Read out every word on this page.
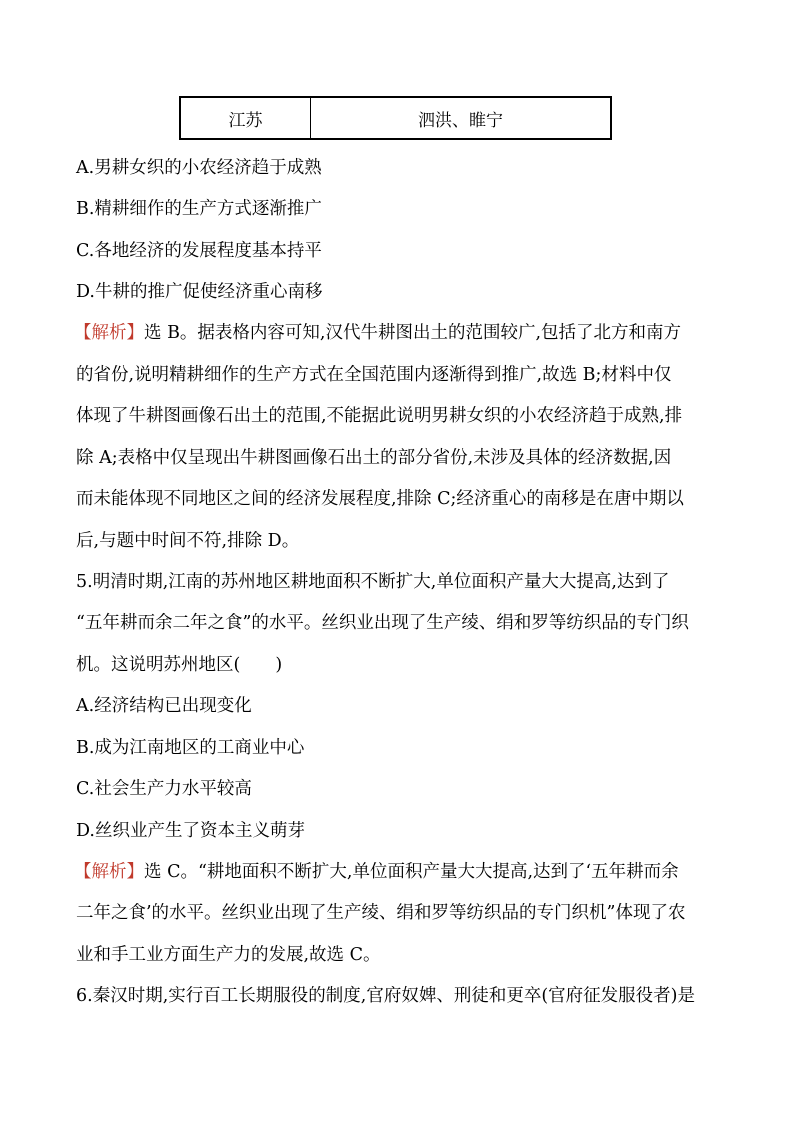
江苏	泗洪、睢宁
A.男耕女织的小农经济趋于成熟
B.精耕细作的生产方式逐渐推广
C.各地经济的发展程度基本持平
D.牛耕的推广促使经济重心南移
【解析】选 B。据表格内容可知,汉代牛耕图出土的范围较广,包括了北方和南方
的省份,说明精耕细作的生产方式在全国范围内逐渐得到推广,故选 B;材料中仅
体现了牛耕图画像石出土的范围,不能据此说明男耕女织的小农经济趋于成熟,排
除 A;表格中仅呈现出牛耕图画像石出土的部分省份,未涉及具体的经济数据,因
而未能体现不同地区之间的经济发展程度,排除 C;经济重心的南移是在唐中期以
后,与题中时间不符,排除 D。
5.明清时期,江南的苏州地区耕地面积不断扩大,单位面积产量大大提高,达到了
“五年耕而余二年之食”的水平。丝织业出现了生产绫、绢和罗等纺织品的专门织
机。这说明苏州地区(　　)
A.经济结构已出现变化
B.成为江南地区的工商业中心
C.社会生产力水平较高
D.丝织业产生了资本主义萌芽
【解析】选 C。“耕地面积不断扩大,单位面积产量大大提高,达到了‘五年耕而余
二年之食’的水平。丝织业出现了生产绫、绢和罗等纺织品的专门织机”体现了农
业和手工业方面生产力的发展,故选 C。
6.秦汉时期,实行百工长期服役的制度,官府奴婢、刑徒和更卒(官府征发服役者)是
